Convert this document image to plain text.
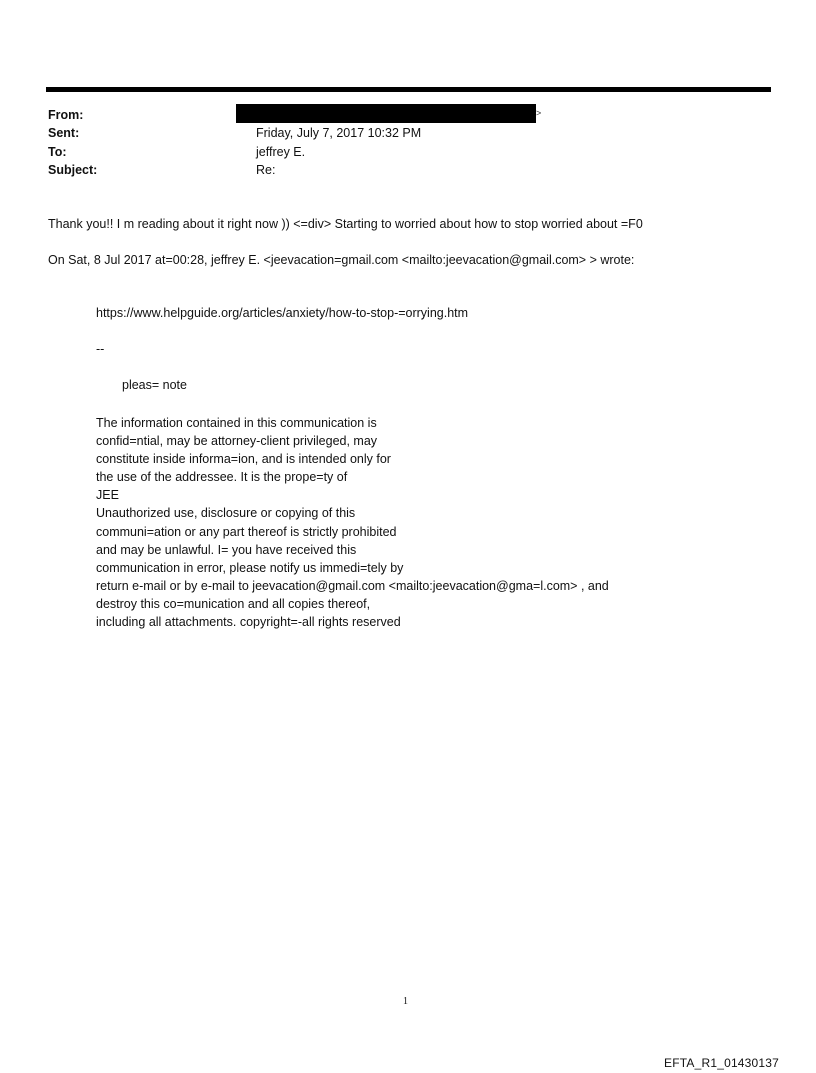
From:	>
Sent:	Friday, July 7, 2017 10:32 PM
To:	jeffrey E.
Subject:	Re:
Thank you!! I m reading about it right now )) <=div> Starting to worried about how to stop worried about =F0
On Sat, 8 Jul 2017 at=00:28, jeffrey E. <jeevacation=gmail.com <mailto:jeevacation@gmail.com> > wrote:
https://www.helpguide.org/articles/anxiety/how-to-stop-=orrying.htm
--
pleas= note
The information contained in this communication is
confid=ntial, may be attorney-client privileged, may
constitute inside informa=ion, and is intended only for
the use of the addressee. It is the prope=ty of
JEE
Unauthorized use, disclosure or copying of this
communi=ation or any part thereof is strictly prohibited
and may be unlawful. I= you have received this
communication in error, please notify us immedi=tely by
return e-mail or by e-mail to jeevacation@gmail.com <mailto:jeevacation@gma=l.com> , and
destroy this co=munication and all copies thereof,
including all attachments. copyright=-all rights reserved
1
EFTA_R1_01430137
